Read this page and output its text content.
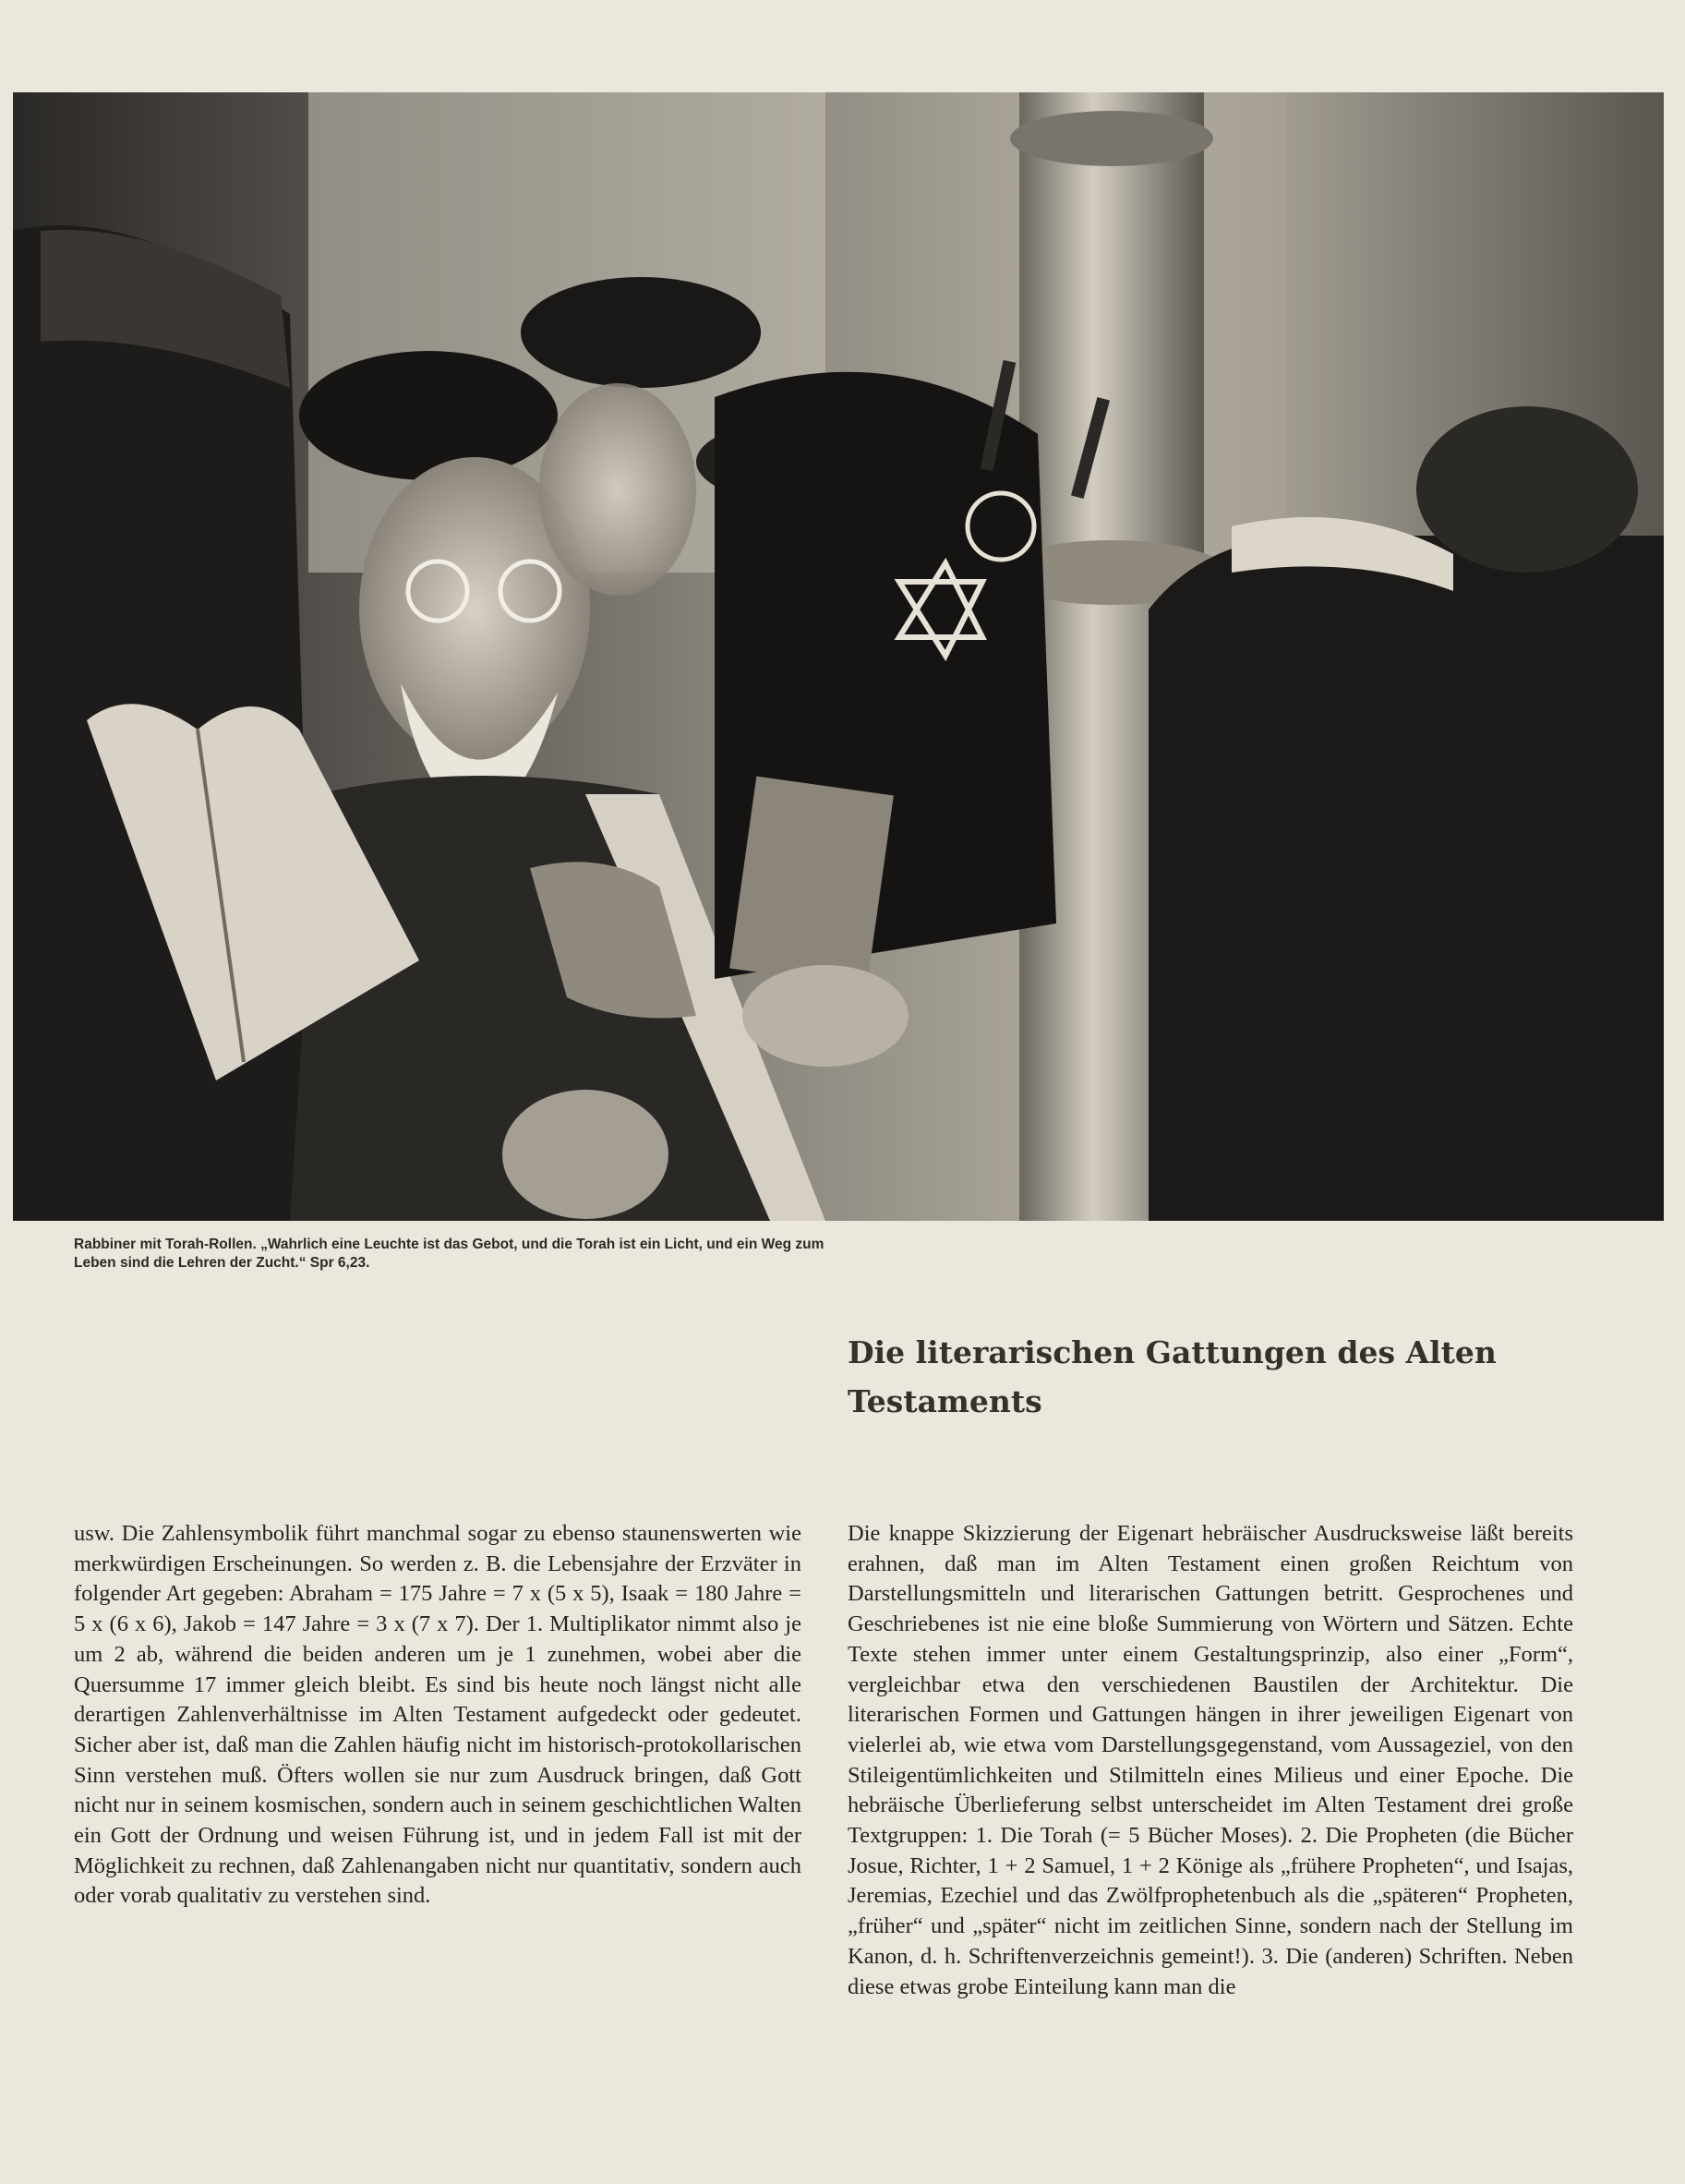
Rabbiner mit Torah-Rollen. „Wahrlich eine Leuchte ist das Gebot, und die Torah ist ein Licht, und ein Weg zum Leben sind die Lehren der Zucht.“ Spr 6,23.

Die literarischen Gattungen des Alten Testaments

usw. Die Zahlensymbolik führt manchmal sogar zu ebenso staunenswerten wie merkwürdigen Erscheinungen. So werden z. B. die Lebensjahre der Erzväter in folgender Art gegeben: Abraham = 175 Jahre = 7 x (5 x 5), Isaak = 180 Jahre = 5 x (6 x 6), Jakob = 147 Jahre = 3 x (7 x 7). Der 1. Multiplikator nimmt also je um 2 ab, während die beiden anderen um je 1 zunehmen, wobei aber die Quersumme 17 immer gleich bleibt. Es sind bis heute noch längst nicht alle derartigen Zahlenverhältnisse im Alten Testament aufgedeckt oder gedeutet. Sicher aber ist, daß man die Zahlen häufig nicht im historisch-protokollarischen Sinn verstehen muß. Öfters wollen sie nur zum Ausdruck bringen, daß Gott nicht nur in seinem kosmischen, sondern auch in seinem geschichtlichen Walten ein Gott der Ordnung und weisen Führung ist, und in jedem Fall ist mit der Möglichkeit zu rechnen, daß Zahlenangaben nicht nur quantitativ, sondern auch oder vorab qualitativ zu verstehen sind.

Die knappe Skizzierung der Eigenart hebräischer Ausdrucksweise läßt bereits erahnen, daß man im Alten Testament einen großen Reichtum von Darstellungsmitteln und literarischen Gattungen betritt. Gesprochenes und Geschriebenes ist nie eine bloße Summierung von Wörtern und Sätzen. Echte Texte stehen immer unter einem Gestaltungsprinzip, also einer „Form“, vergleichbar etwa den verschiedenen Baustilen der Architektur. Die literarischen Formen und Gattungen hängen in ihrer jeweiligen Eigenart von vielerlei ab, wie etwa vom Darstellungsgegenstand, vom Aussageziel, von den Stileigentümlichkeiten und Stilmitteln eines Milieus und einer Epoche. Die hebräische Überlieferung selbst unterscheidet im Alten Testament drei große Textgruppen: 1. Die Torah (= 5 Bücher Moses). 2. Die Propheten (die Bücher Josue, Richter, 1 + 2 Samuel, 1 + 2 Könige als „frühere Propheten“, und Isajas, Jeremias, Ezechiel und das Zwölfprophetenbuch als die „späteren“ Propheten, „früher“ und „später“ nicht im zeitlichen Sinne, sondern nach der Stellung im Kanon, d. h. Schriftenverzeichnis gemeint!). 3. Die (anderen) Schriften. Neben diese etwas grobe Einteilung kann man die
